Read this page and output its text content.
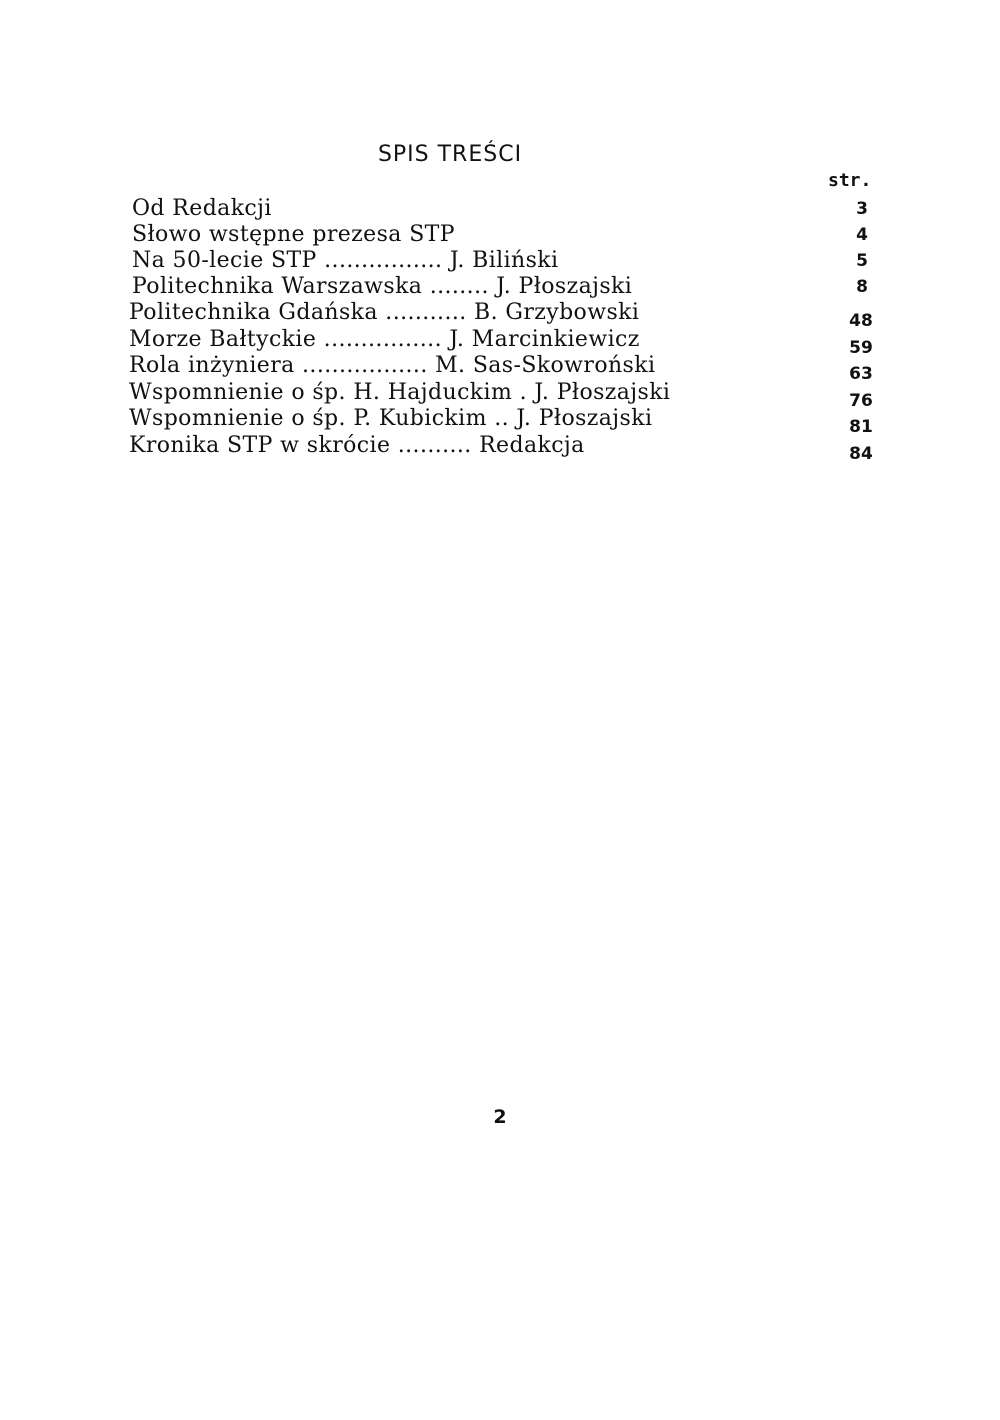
SPIS TREŚCI
str.
Od Redakcji	3
Słowo wstępne prezesa STP	4
Na 50-lecie STP ................ J. Biliński	5
Politechnika Warszawska ........ J. Płoszajski	8
Politechnika Gdańska ........... B. Grzybowski	48
Morze Bałtyckie ................ J. Marcinkiewicz	59
Rola inżyniera ................. M. Sas-Skowroński	63
Wspomnienie o śp. H. Hajduckim . J. Płoszajski	76
Wspomnienie o śp. P. Kubickim .. J. Płoszajski	81
Kronika STP w skrócie .......... Redakcja	84
2
